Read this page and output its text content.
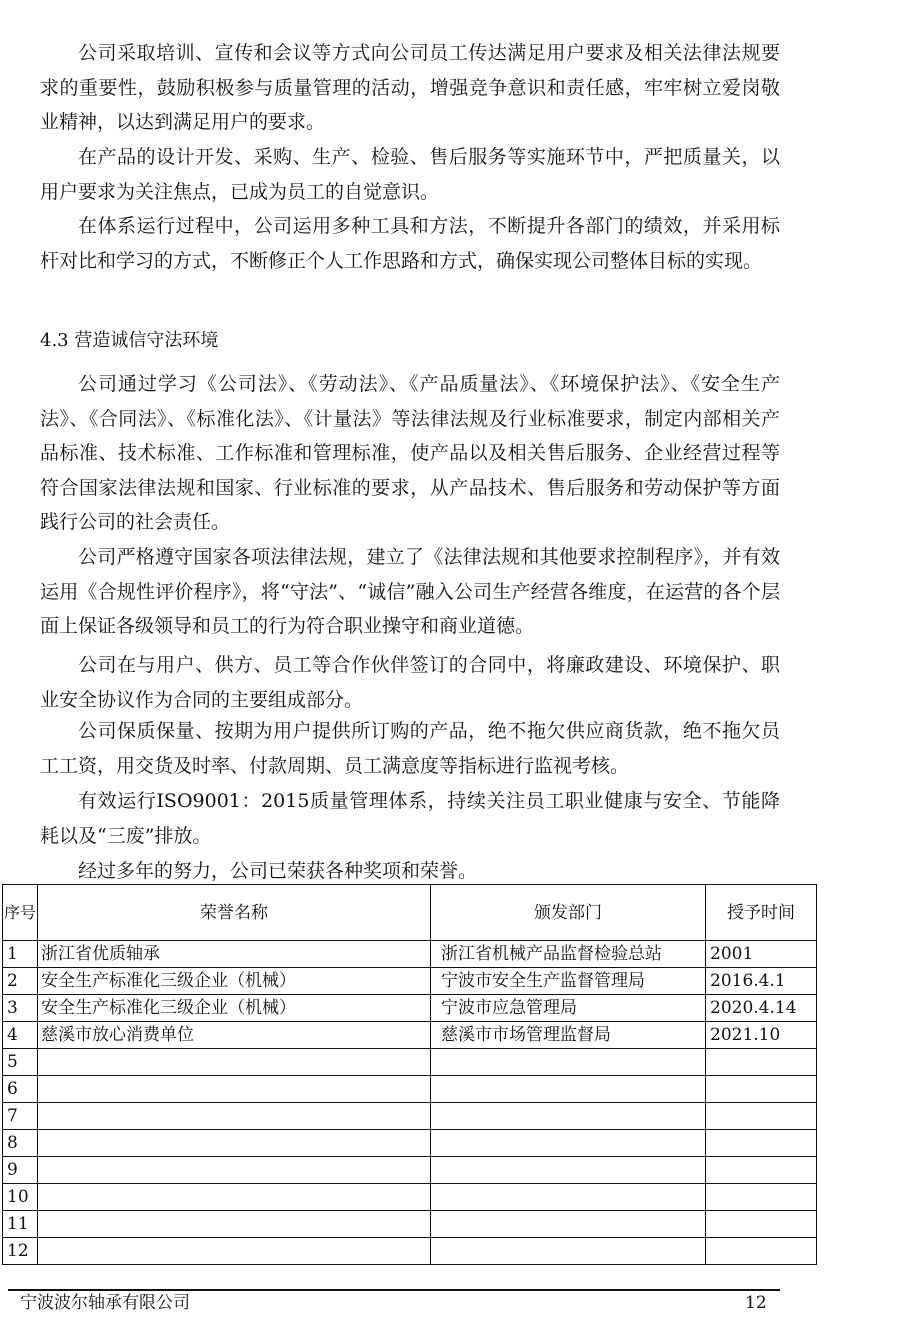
公司采取培训、宣传和会议等方式向公司员工传达满足用户要求及相关法律法规要求的重要性，鼓励积极参与质量管理的活动，增强竞争意识和责任感，牢牢树立爱岗敬业精神，以达到满足用户的要求。

在产品的设计开发、采购、生产、检验、售后服务等实施环节中，严把质量关，以用户要求为关注焦点，已成为员工的自觉意识。

在体系运行过程中，公司运用多种工具和方法，不断提升各部门的绩效，并采用标杆对比和学习的方式，不断修正个人工作思路和方式，确保实现公司整体目标的实现。

4.3 营造诚信守法环境

公司通过学习《公司法》、《劳动法》、《产品质量法》、《环境保护法》、《安全生产法》、《合同法》、《标准化法》、《计量法》等法律法规及行业标准要求，制定内部相关产品标准、技术标准、工作标准和管理标准，使产品以及相关售后服务、企业经营过程等符合国家法律法规和国家、行业标准的要求，从产品技术、售后服务和劳动保护等方面践行公司的社会责任。

公司严格遵守国家各项法律法规，建立了《法律法规和其他要求控制程序》，并有效运用《合规性评价程序》，将“守法”、“诚信”融入公司生产经营各维度，在运营的各个层面上保证各级领导和员工的行为符合职业操守和商业道德。

公司在与用户、供方、员工等合作伙伴签订的合同中，将廉政建设、环境保护、职业安全协议作为合同的主要组成部分。

公司保质保量、按期为用户提供所订购的产品，绝不拖欠供应商货款，绝不拖欠员工工资，用交货及时率、付款周期、员工满意度等指标进行监视考核。

有效运行ISO9001：2015质量管理体系，持续关注员工职业健康与安全、节能降耗以及“三废”排放。

经过多年的努力，公司已荣获各种奖项和荣誉。

序号	荣誉名称	颁发部门	授予时间
1	浙江省优质轴承	浙江省机械产品监督检验总站	2001
2	安全生产标准化三级企业（机械）	宁波市安全生产监督管理局	2016.4.1
3	安全生产标准化三级企业（机械）	宁波市应急管理局	2020.4.14
4	慈溪市放心消费单位	慈溪市市场管理监督局	2021.10
5			
6			
7			
8			
9			
10			
11			
12			
宁波波尔轴承有限公司	12
